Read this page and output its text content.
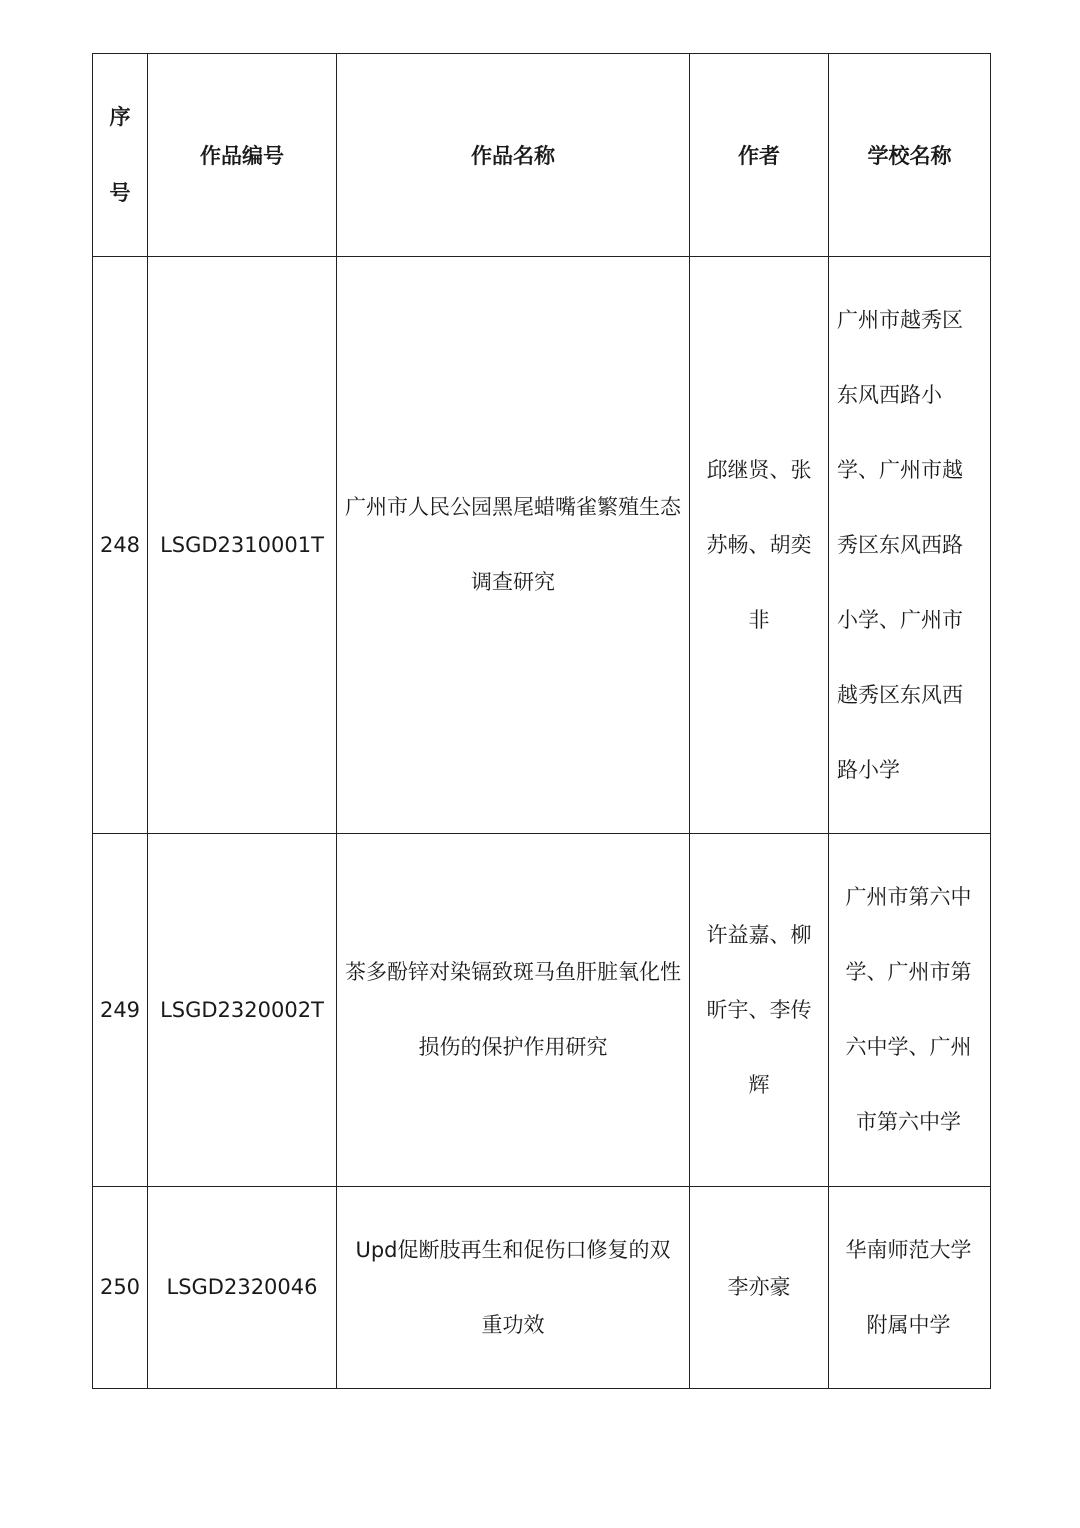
序号	作品编号	作品名称	作者	学校名称

248	LSGD2310001T	广州市人民公园黑尾蜡嘴雀繁殖生态调查研究	邱继贤、张苏畅、胡奕非	广州市越秀区东风西路小学、广州市越秀区东风西路小学、广州市越秀区东风西路小学

249	LSGD2320002T	茶多酚锌对染镉致斑马鱼肝脏氧化性损伤的保护作用研究	许益嘉、柳昕宇、李传辉	广州市第六中学、广州市第六中学、广州市第六中学

250	LSGD2320046	Upd促断肢再生和促伤口修复的双重功效	李亦豪	华南师范大学附属中学
